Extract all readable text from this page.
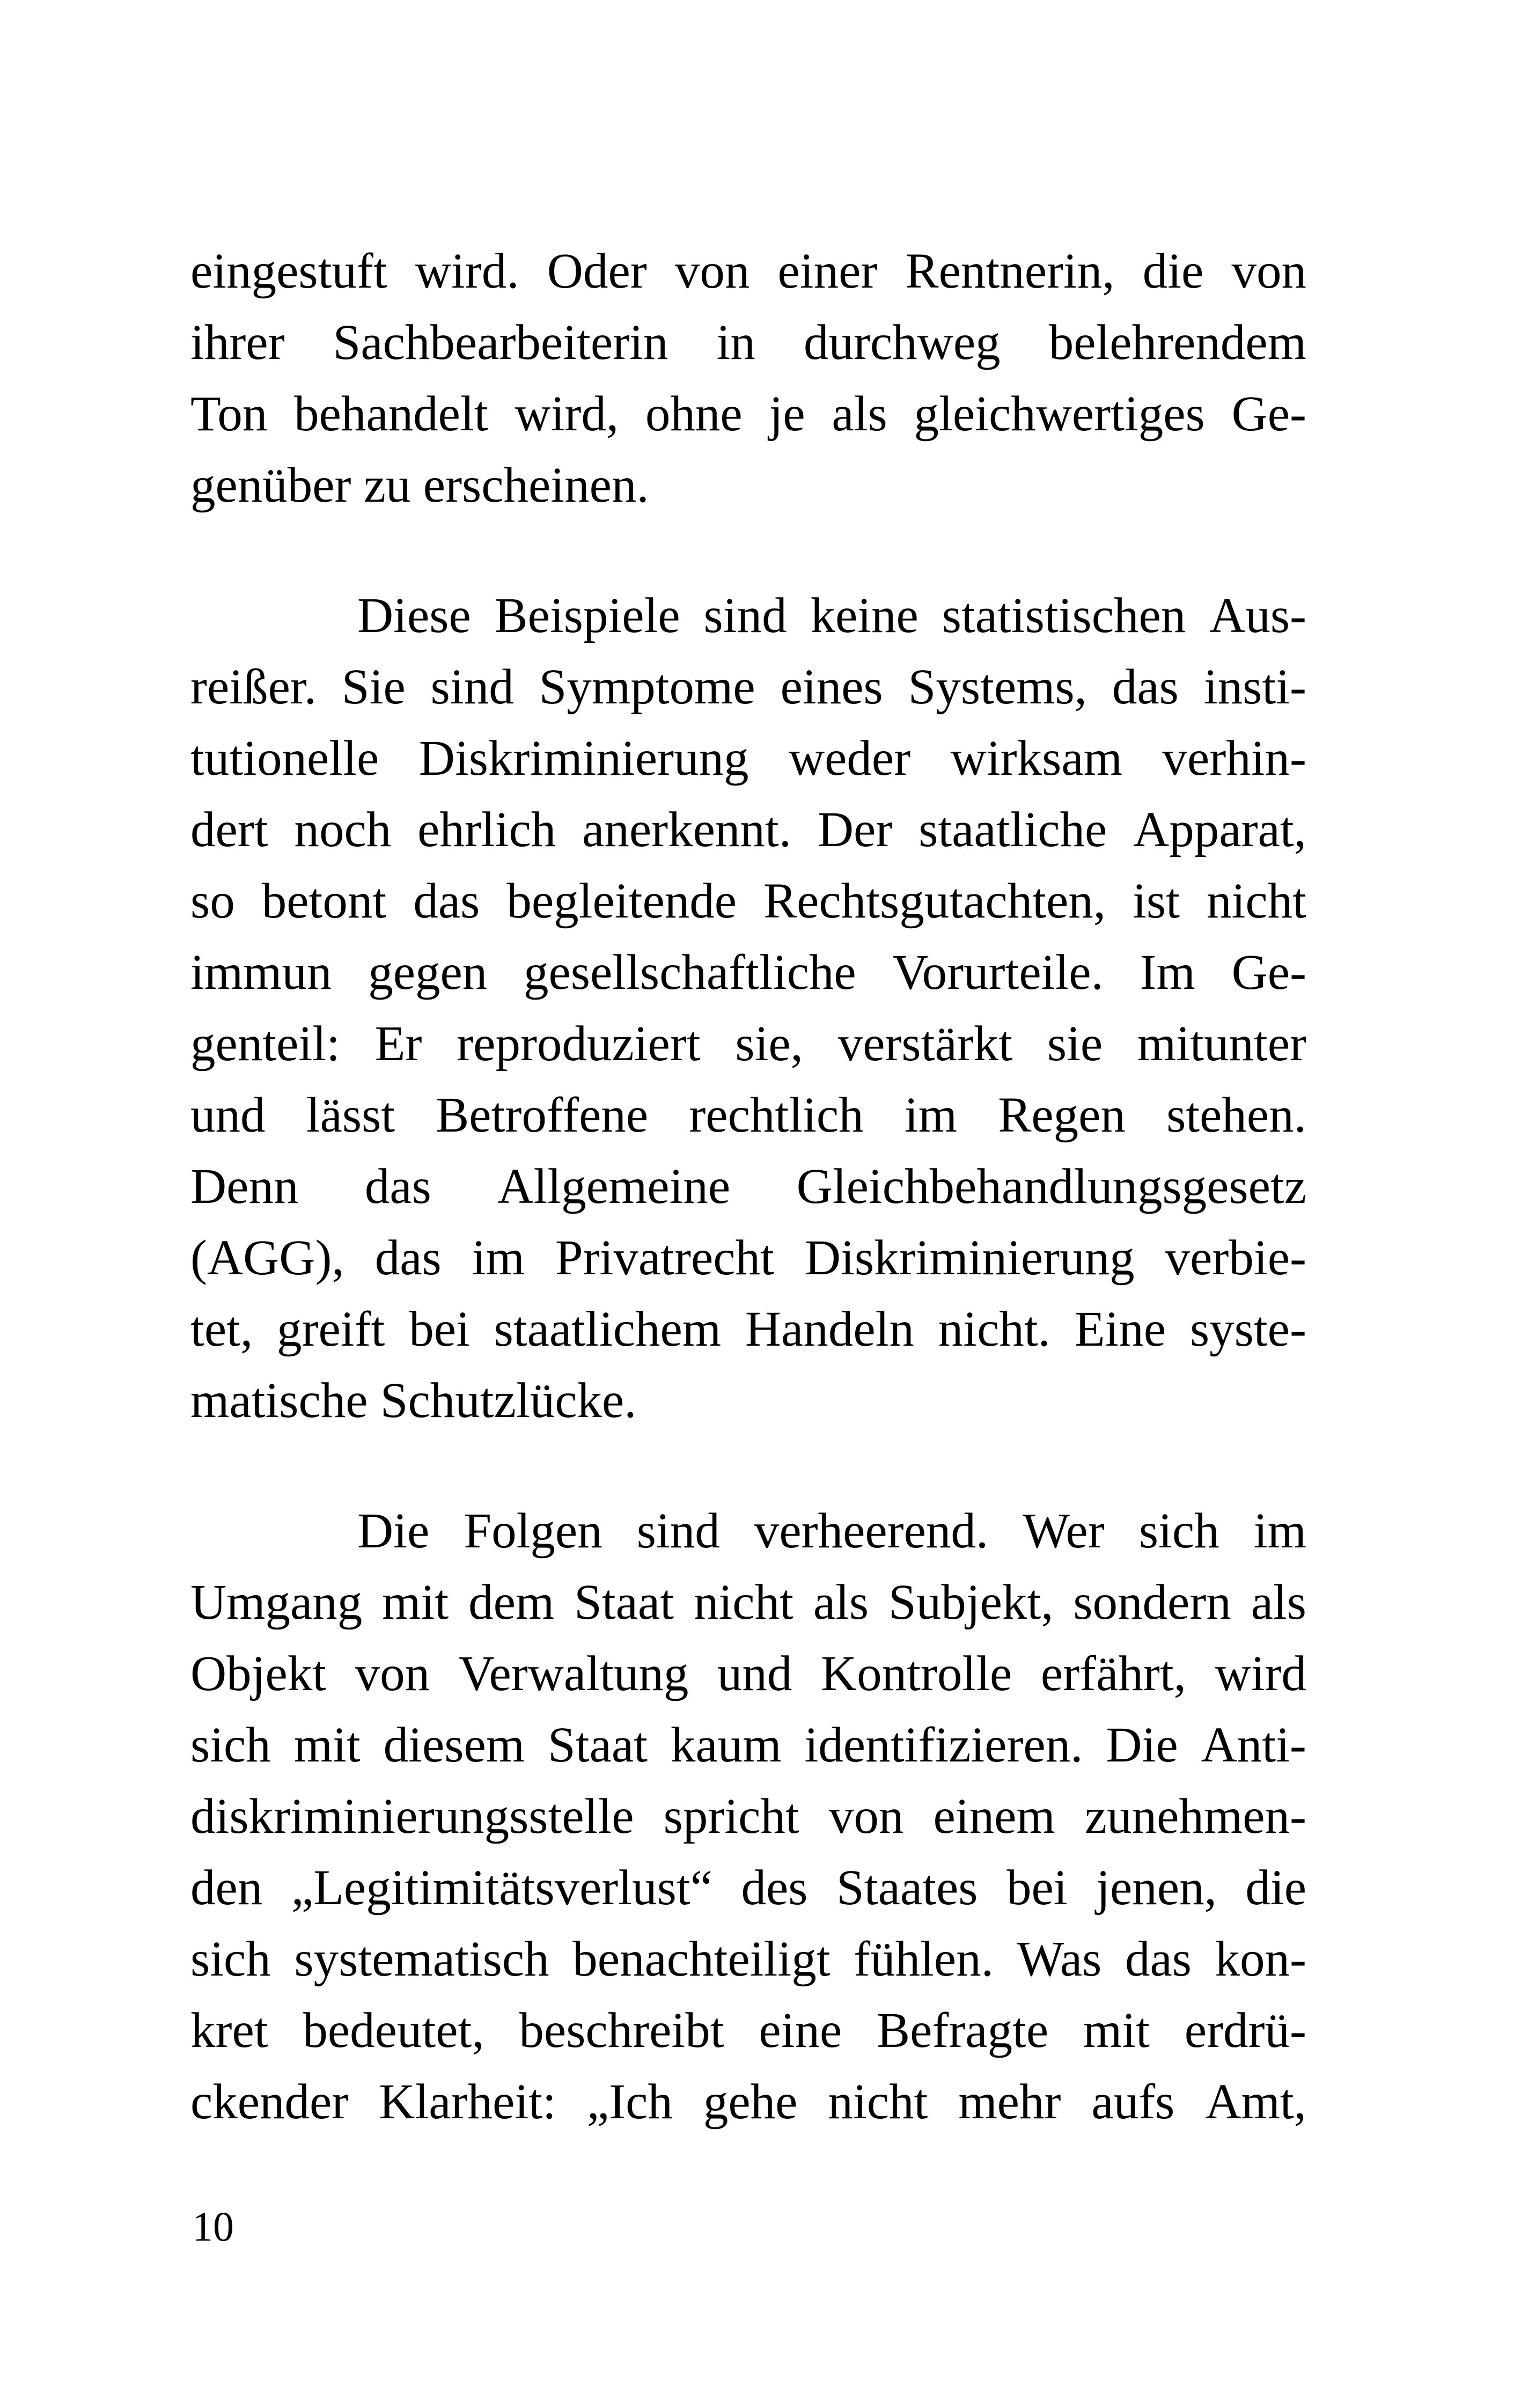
eingestuft wird. Oder von einer Rentnerin, die von
ihrer Sachbearbeiterin in durchweg belehrendem
Ton behandelt wird, ohne je als gleichwertiges Ge-
genüber zu erscheinen.
Diese Beispiele sind keine statistischen Aus-
reißer. Sie sind Symptome eines Systems, das insti-
tutionelle Diskriminierung weder wirksam verhin-
dert noch ehrlich anerkennt. Der staatliche Apparat,
so betont das begleitende Rechtsgutachten, ist nicht
immun gegen gesellschaftliche Vorurteile. Im Ge-
genteil: Er reproduziert sie, verstärkt sie mitunter
und lässt Betroffene rechtlich im Regen stehen.
Denn das Allgemeine Gleichbehandlungsgesetz
(AGG), das im Privatrecht Diskriminierung verbie-
tet, greift bei staatlichem Handeln nicht. Eine syste-
matische Schutzlücke.
Die Folgen sind verheerend. Wer sich im
Umgang mit dem Staat nicht als Subjekt, sondern als
Objekt von Verwaltung und Kontrolle erfährt, wird
sich mit diesem Staat kaum identifizieren. Die Anti-
diskriminierungsstelle spricht von einem zunehmen-
den „Legitimitätsverlust“ des Staates bei jenen, die
sich systematisch benachteiligt fühlen. Was das kon-
kret bedeutet, beschreibt eine Befragte mit erdrü-
ckender Klarheit: „Ich gehe nicht mehr aufs Amt,
10
